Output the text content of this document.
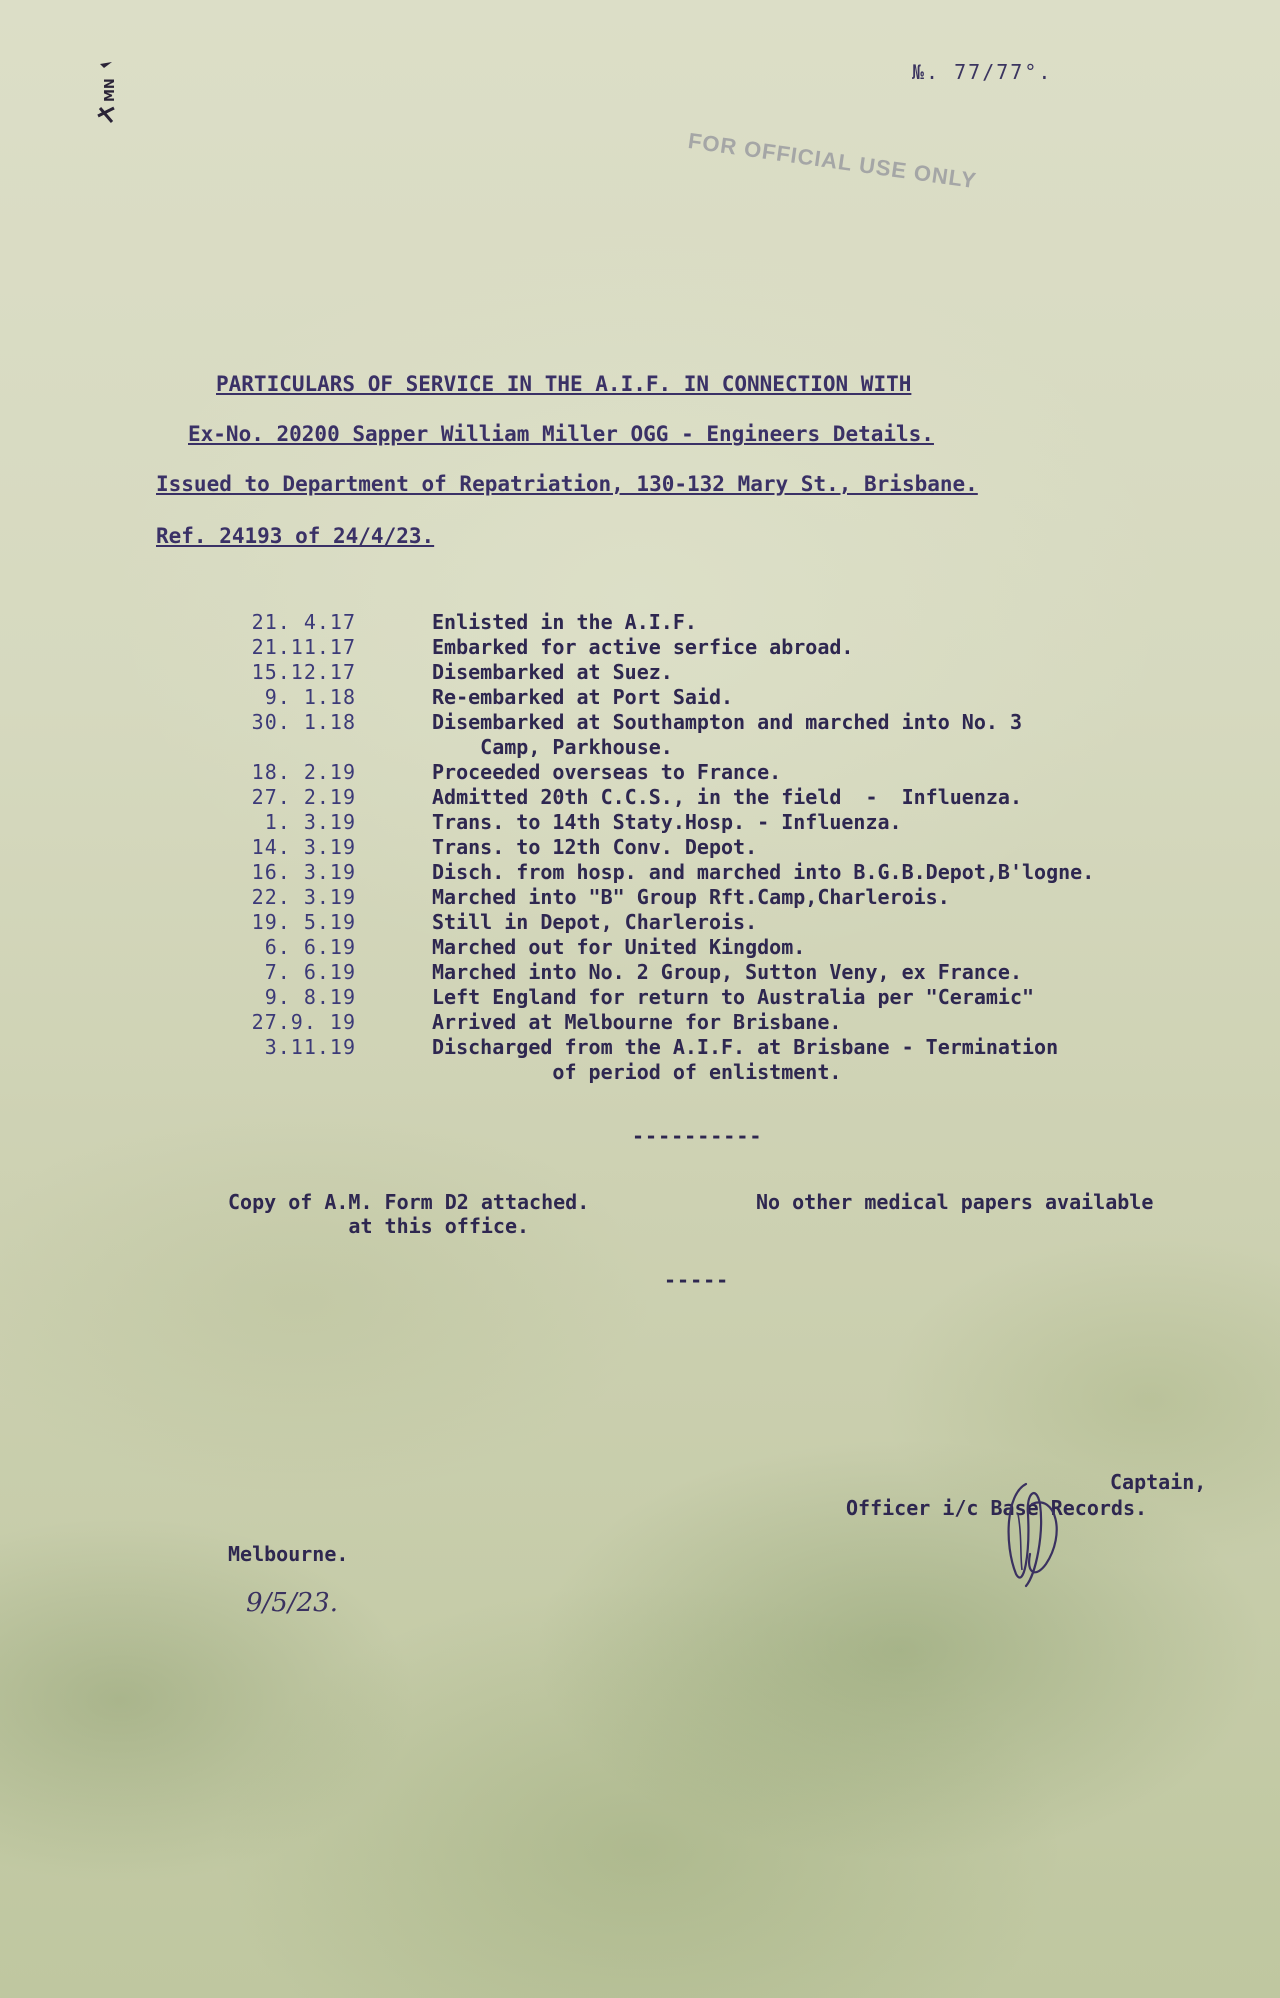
№. 77/77°.
MN
FOR OFFICIAL USE ONLY
PARTICULARS OF SERVICE IN THE A.I.F. IN CONNECTION WITH
Ex-No. 20200 Sapper William Miller OGG - Engineers Details.
Issued to Department of Repatriation, 130-132 Mary St., Brisbane.
Ref. 24193 of 24/4/23.
21. 4.17	Enlisted in the A.I.F.
21.11.17	Embarked for active serfice abroad.
15.12.17	Disembarked at Suez.
9. 1.18	Re-embarked at Port Said.
30. 1.18	Disembarked at Southampton and marched into No. 3
Camp, Parkhouse.
18. 2.19	Proceeded overseas to France.
27. 2.19	Admitted 20th C.C.S., in the field  -  Influenza.
1. 3.19	Trans. to 14th Staty.Hosp. - Influenza.
14. 3.19	Trans. to 12th Conv. Depot.
16. 3.19	Disch. from hosp. and marched into B.G.B.Depot,B'logne.
22. 3.19	Marched into "B" Group Rft.Camp,Charlerois.
19. 5.19	Still in Depot, Charlerois.
6. 6.19	Marched out for United Kingdom.
7. 6.19	Marched into No. 2 Group, Sutton Veny, ex France.
9. 8.19	Left England for return to Australia per "Ceramic"
27.9. 19	Arrived at Melbourne for Brisbane.
3.11.19	Discharged from the A.I.F. at Brisbane - Termination
of period of enlistment.
----------
Copy of A.M. Form D2 attached.
at this office.
No other medical papers available
-----
Captain,
Officer i/c Base Records.
Melbourne.
9/5/23.
